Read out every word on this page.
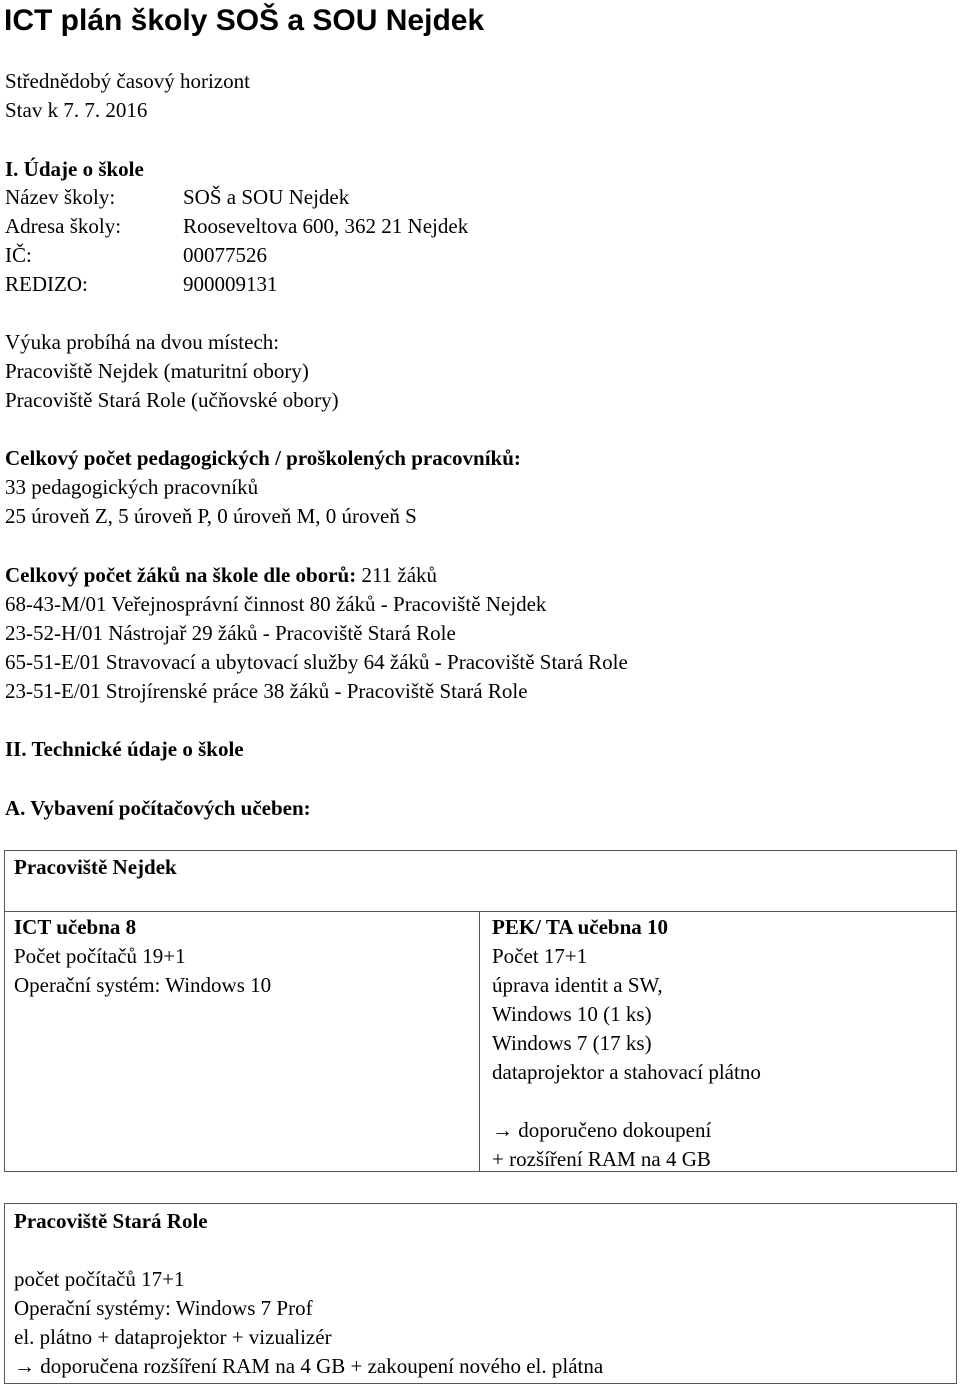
ICT plán školy SOŠ a SOU Nejdek
Střednědobý časový horizont
Stav k 7. 7. 2016
I. Údaje o škole
Název školy:	SOŠ a SOU Nejdek
Adresa školy:	Rooseveltova 600, 362 21 Nejdek
IČ:	00077526
REDIZO:	900009131
Výuka probíhá na dvou místech:
Pracoviště Nejdek (maturitní obory)
Pracoviště Stará Role (učňovské obory)
Celkový počet pedagogických / proškolených pracovníků:
33 pedagogických pracovníků
25 úroveň Z, 5 úroveň P, 0 úroveň M, 0 úroveň S
Celkový počet žáků na škole dle oborů: 211 žáků
68-43-M/01 Veřejnosprávní činnost 80 žáků - Pracoviště Nejdek
23-52-H/01 Nástrojař 29 žáků - Pracoviště Stará Role
65-51-E/01 Stravovací a ubytovací služby 64 žáků - Pracoviště Stará Role
23-51-E/01 Strojírenské práce 38 žáků - Pracoviště Stará Role
II. Technické údaje o škole
A. Vybavení počítačových učeben:
Pracoviště Nejdek
ICT učebna 8
Počet počítačů 19+1
Operační systém: Windows 10
PEK/ TA učebna 10
Počet 17+1
úprava identit a SW,
Windows 10 (1 ks)
Windows 7 (17 ks)
dataprojektor a stahovací plátno
→ doporučeno dokoupení
+ rozšíření RAM na 4 GB
Pracoviště Stará Role
počet počítačů 17+1
Operační systémy: Windows 7 Prof
el. plátno + dataprojektor + vizualizér
→ doporučena rozšíření RAM na 4 GB + zakoupení nového el. plátna
